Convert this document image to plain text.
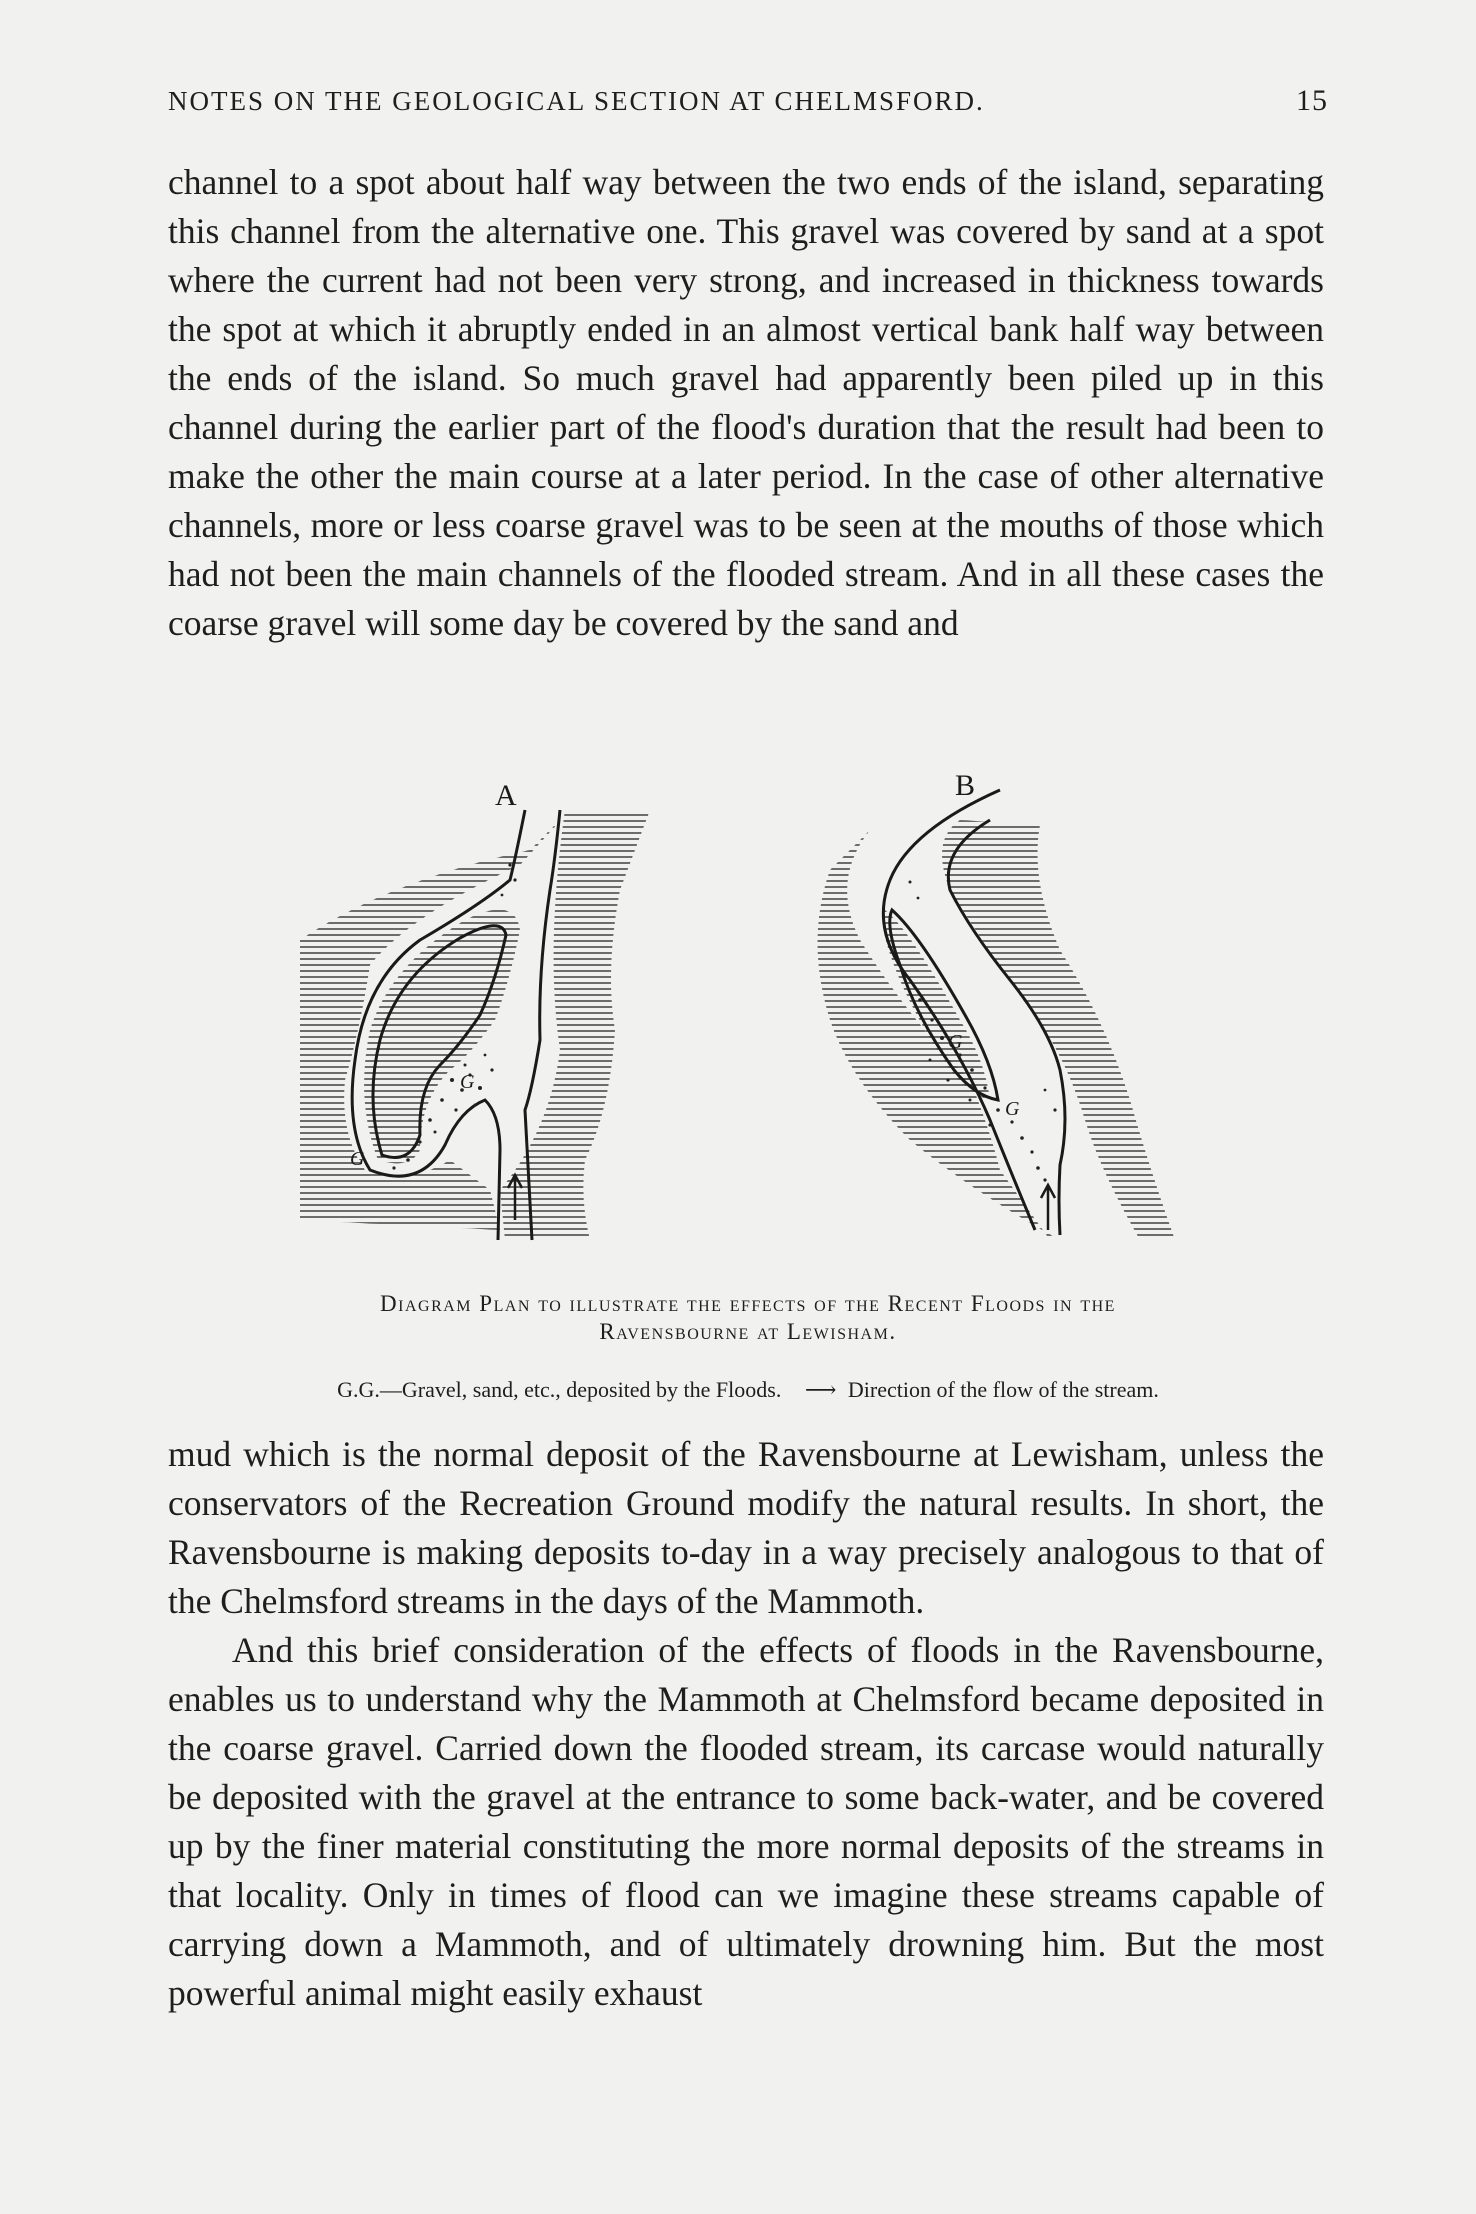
NOTES ON THE GEOLOGICAL SECTION AT CHELMSFORD.	15

channel to a spot about half way between the two ends of the island, separating this channel from the alternative one. This gravel was covered by sand at a spot where the current had not been very strong, and increased in thickness towards the spot at which it abruptly ended in an almost vertical bank half way between the ends of the island. So much gravel had apparently been piled up in this channel during the earlier part of the flood's duration that the result had been to make the other the main course at a later period. In the case of other alternative channels, more or less coarse gravel was to be seen at the mouths of those which had not been the main channels of the flooded stream. And in all these cases the coarse gravel will some day be covered by the sand and

A
G
G
B
G
G
Diagram Plan to illustrate the effects of the Recent Floods in the
Ravensbourne at Lewisham.
G.G.—Gravel, sand, etc., deposited by the Floods. ⟶ Direction of the flow of the stream.

mud which is the normal deposit of the Ravensbourne at Lewisham, unless the conservators of the Recreation Ground modify the natural results. In short, the Ravensbourne is making deposits to-day in a way precisely analogous to that of the Chelmsford streams in the days of the Mammoth.

And this brief consideration of the effects of floods in the Ravensbourne, enables us to understand why the Mammoth at Chelmsford became deposited in the coarse gravel. Carried down the flooded stream, its carcase would naturally be deposited with the gravel at the entrance to some back-water, and be covered up by the finer material constituting the more normal deposits of the streams in that locality. Only in times of flood can we imagine these streams capable of carrying down a Mammoth, and of ultimately drowning him. But the most powerful animal might easily exhaust
